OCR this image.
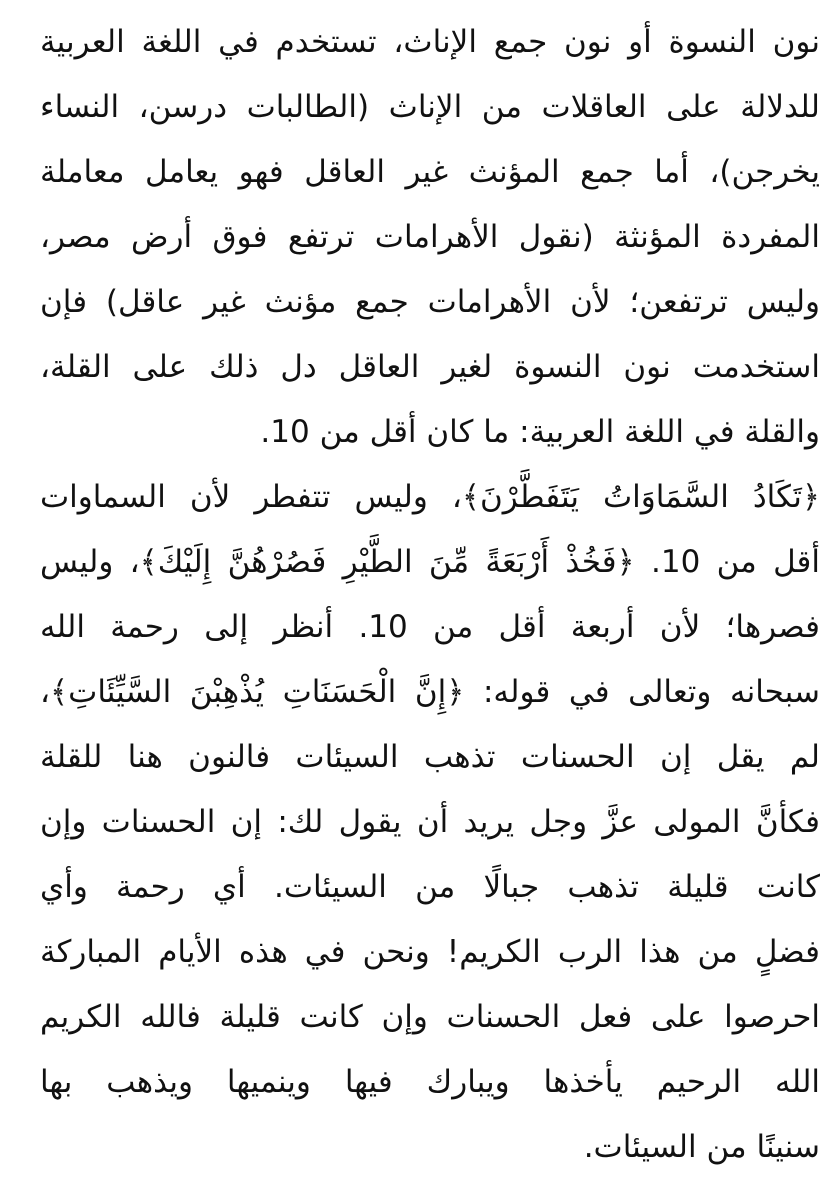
نون النسوة أو نون جمع الإناث، تستخدم في اللغة العربية
للدلالة على العاقلات من الإناث (الطالبات درسن، النساء
يخرجن)، أما جمع المؤنث غير العاقل فهو يعامل معاملة
المفردة المؤنثة (نقول الأهرامات ترتفع فوق أرض مصر،
وليس ترتفعن؛ لأن الأهرامات جمع مؤنث غير عاقل) فإن
استخدمت نون النسوة لغير العاقل دل ذلك على القلة،
والقلة في اللغة العربية: ما كان أقل من 10.
﴿تَكَادُ السَّمَاوَاتُ يَتَفَطَّرْنَ﴾، وليس تتفطر لأن السماوات
أقل من 10. ﴿فَخُذْ أَرْبَعَةً مِّنَ الطَّيْرِ فَصُرْهُنَّ إِلَيْكَ﴾، وليس
فصرها؛ لأن أربعة أقل من 10. أنظر إلى رحمة الله
سبحانه وتعالى في قوله: ﴿إِنَّ الْحَسَنَاتِ يُذْهِبْنَ السَّيِّئَاتِ﴾،
لم يقل إن الحسنات تذهب السيئات فالنون هنا للقلة
فكأنَّ المولى عزَّ وجل يريد أن يقول لك: إن الحسنات وإن
كانت قليلة تذهب جبالًا من السيئات. أي رحمة وأي
فضلٍ من هذا الرب الكريم! ونحن في هذه الأيام المباركة
احرصوا على فعل الحسنات وإن كانت قليلة فالله الكريم
الله الرحيم يأخذها ويبارك فيها وينميها ويذهب بها
سنينًا من السيئات.
